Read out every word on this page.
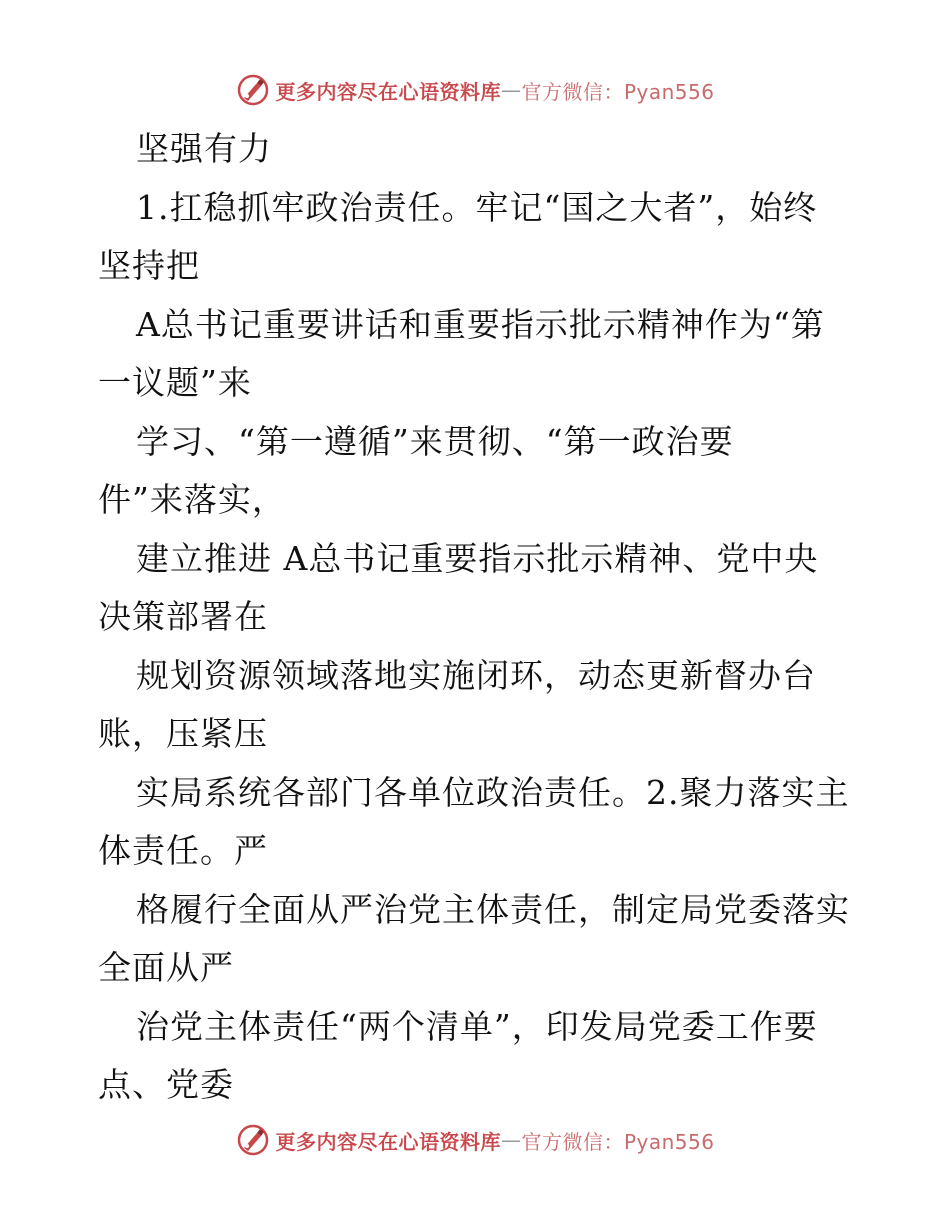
更多内容尽在心语资料库 — 官方微信：Pyan556
坚强有力
1.扛稳抓牢政治责任。牢记“国之大者”，始终
坚持把
A总书记重要讲话和重要指示批示精神作为“第
一议题”来
学习、“第一遵循”来贯彻、“第一政治要
件”来落实，
建立推进 A总书记重要指示批示精神、党中央
决策部署在
规划资源领域落地实施闭环，动态更新督办台
账，压紧压
实局系统各部门各单位政治责任。2.聚力落实主
体责任。严
格履行全面从严治党主体责任，制定局党委落实
全面从严
治党主体责任“两个清单”，印发局党委工作要
点、党委
更多内容尽在心语资料库 — 官方微信：Pyan556
